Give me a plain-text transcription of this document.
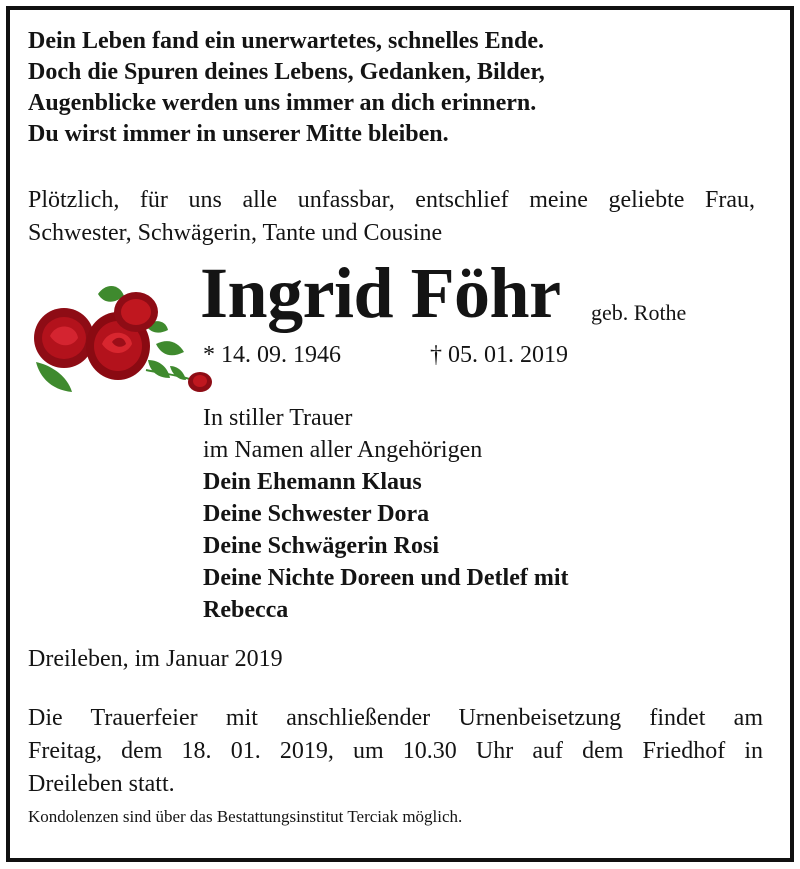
Dein Leben fand ein unerwartetes, schnelles Ende.
Doch die Spuren deines Lebens, Gedanken, Bilder,
Augenblicke werden uns immer an dich erinnern.
Du wirst immer in unserer Mitte bleiben.
Plötzlich, für uns alle unfassbar, entschlief meine geliebte Frau,
Schwester, Schwägerin, Tante und Cousine
Ingrid Föhr geb. Rothe
* 14. 09. 1946	† 05. 01. 2019
In stiller Trauer
im Namen aller Angehörigen
Dein Ehemann Klaus
Deine Schwester Dora
Deine Schwägerin Rosi
Deine Nichte Doreen und Detlef mit
Rebecca
Dreileben, im Januar 2019
Die Trauerfeier mit anschließender Urnenbeisetzung findet am
Freitag, dem 18. 01. 2019, um 10.30 Uhr auf dem Friedhof in
Dreileben statt.
Kondolenzen sind über das Bestattungsinstitut Terciak möglich.
